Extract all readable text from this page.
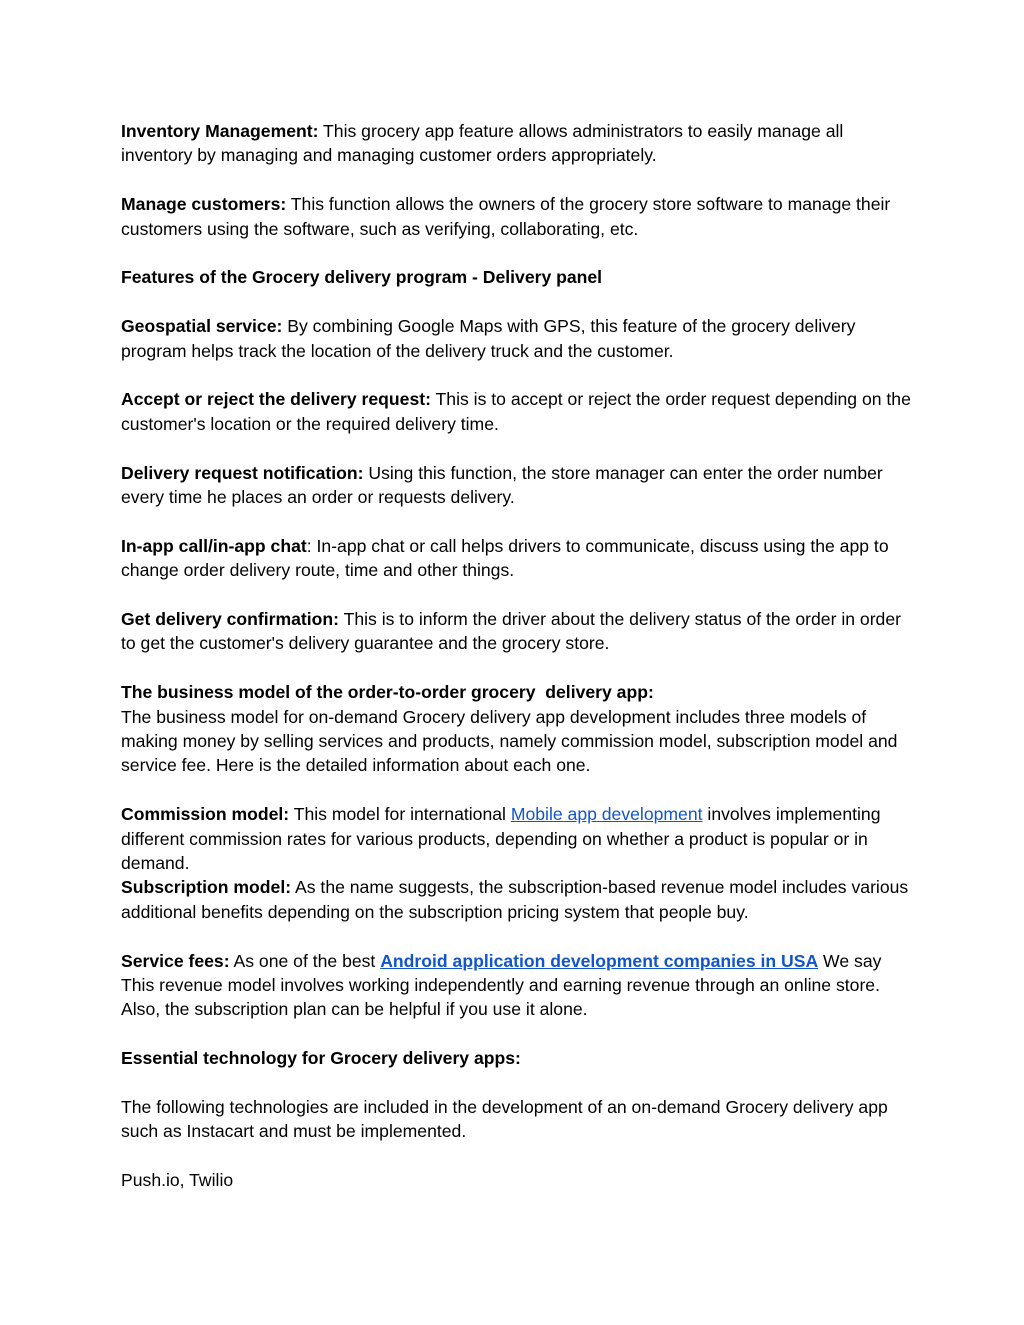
Inventory Management: This grocery app feature allows administrators to easily manage all inventory by managing and managing customer orders appropriately.

Manage customers: This function allows the owners of the grocery store software to manage their customers using the software, such as verifying, collaborating, etc.

Features of the Grocery delivery program - Delivery panel

Geospatial service: By combining Google Maps with GPS, this feature of the grocery delivery program helps track the location of the delivery truck and the customer.

Accept or reject the delivery request: This is to accept or reject the order request depending on the customer's location or the required delivery time.

Delivery request notification: Using this function, the store manager can enter the order number every time he places an order or requests delivery.

In-app call/in-app chat: In-app chat or call helps drivers to communicate, discuss using the app to change order delivery route, time and other things.

Get delivery confirmation: This is to inform the driver about the delivery status of the order in order to get the customer's delivery guarantee and the grocery store.

The business model of the order-to-order grocery  delivery app:
The business model for on-demand Grocery delivery app development includes three models of making money by selling services and products, namely commission model, subscription model and service fee. Here is the detailed information about each one.

Commission model: This model for international Mobile app development involves implementing different commission rates for various products, depending on whether a product is popular or in demand.

Subscription model: As the name suggests, the subscription-based revenue model includes various additional benefits depending on the subscription pricing system that people buy.

Service fees: As one of the best Android application development companies in USA We say This revenue model involves working independently and earning revenue through an online store. Also, the subscription plan can be helpful if you use it alone.

Essential technology for Grocery delivery apps:

The following technologies are included in the development of an on-demand Grocery delivery app such as Instacart and must be implemented.

Push.io, Twilio
